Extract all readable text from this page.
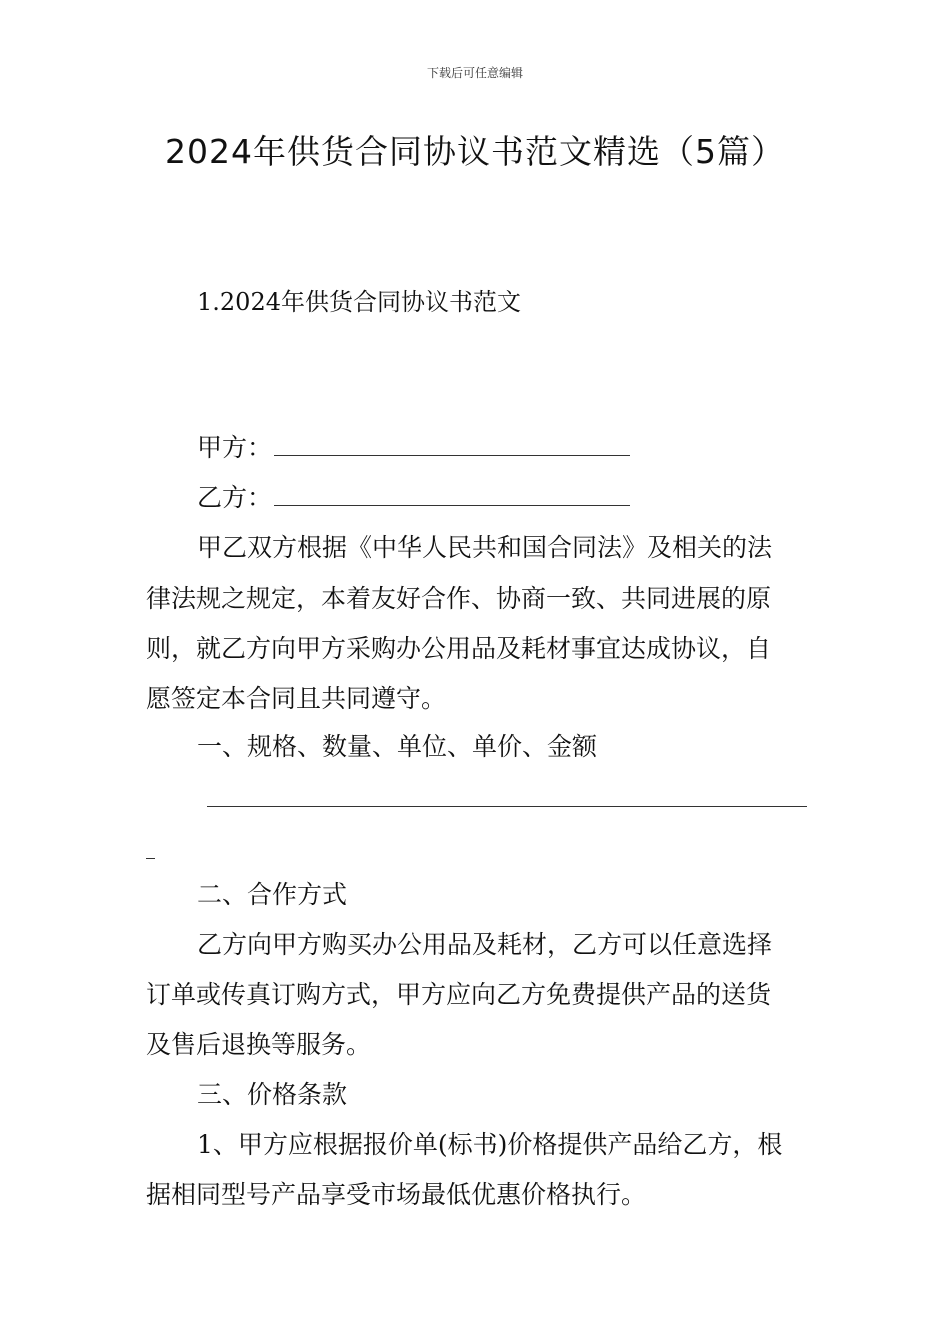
下载后可任意编辑
2024年供货合同协议书范文精选（5篇）
1.2024年供货合同协议书范文
甲方：
乙方：
甲乙双方根据《中华人民共和国合同法》及相关的法
律法规之规定，本着友好合作、协商一致、共同进展的原
则，就乙方向甲方采购办公用品及耗材事宜达成协议，自
愿签定本合同且共同遵守。
一、规格、数量、单位、单价、金额
二、合作方式
乙方向甲方购买办公用品及耗材，乙方可以任意选择
订单或传真订购方式，甲方应向乙方免费提供产品的送货
及售后退换等服务。
三、价格条款
1、甲方应根据报价单(标书)价格提供产品给乙方，根
据相同型号产品享受市场最低优惠价格执行。
